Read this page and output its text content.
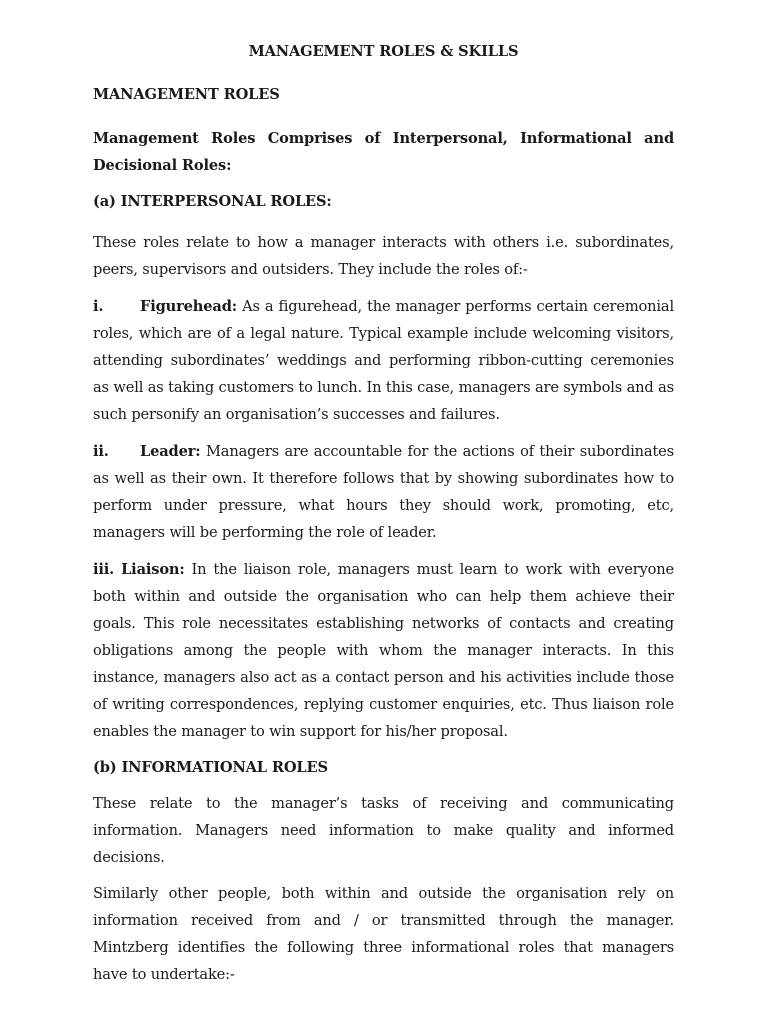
MANAGEMENT ROLES & SKILLS

MANAGEMENT ROLES

Management Roles Comprises of Interpersonal, Informational and Decisional Roles:

(a) INTERPERSONAL ROLES:

These roles relate to how a manager interacts with others i.e. subordinates, peers, supervisors and outsiders. They include the roles of:-

i.	Figurehead: As a figurehead, the manager performs certain ceremonial roles, which are of a legal nature. Typical example include welcoming visitors, attending subordinates’ weddings and performing ribbon-cutting ceremonies as well as taking customers to lunch. In this case, managers are symbols and as such personify an organisation’s successes and failures.

ii. Leader: Managers are accountable for the actions of their subordinates as well as their own. It therefore follows that by showing subordinates how to perform under pressure, what hours they should work, promoting, etc, managers will be performing the role of leader.

iii. Liaison: In the liaison role, managers must learn to work with everyone both within and outside the organisation who can help them achieve their goals. This role necessitates establishing networks of contacts and creating obligations among the people with whom the manager interacts. In this instance, managers also act as a contact person and his activities include those of writing correspondences, replying customer enquiries, etc. Thus liaison role enables the manager to win support for his/her proposal.

(b) INFORMATIONAL ROLES

These relate to the manager’s tasks of receiving and communicating information. Managers need information to make quality and informed decisions.

Similarly other people, both within and outside the organisation rely on information received from and / or transmitted through the manager. Mintzberg identifies the following three informational roles that managers have to undertake:-
